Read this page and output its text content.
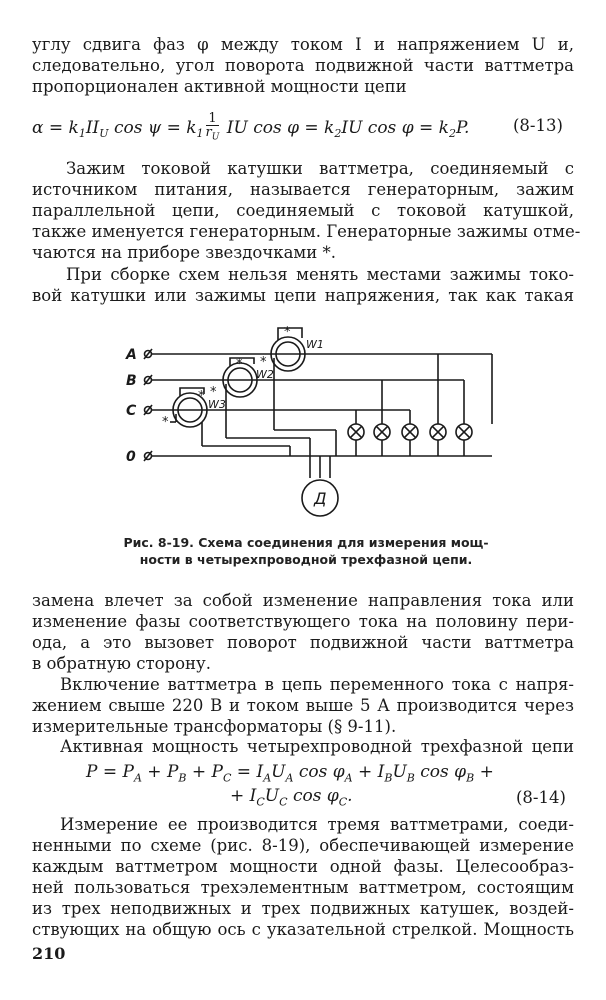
углу сдвига фаз φ между током I и напряжением U и,
следовательно, угол поворота подвижной части ваттметра
пропорционален активной мощности цепи
$\alpha = k_1II_U$ $\cos \psi = k_1 \frac{1}{r_U}$ IU $\cos \varphi = k_2IU$ $\cos \varphi = k_2P$.	(8-13)
Зажим токовой катушки ваттметра, соединяемый с
источником питания, называется генераторным, зажим
параллельной цепи, соединяемый с токовой катушкой,
также именуется генераторным. Генераторные зажимы отме-
чаются на приборе звездочками *.
При сборке схем нельзя менять местами зажимы токо-
вой катушки или зажимы цепи напряжения, так как такая
Д
A
B
C
0
W1
W2
W3
*
*
*
*
*
*
Рис. 8-19. Схема соединения для измерения мощ-
ности в четырехпроводной трехфазной цепи.
замена влечет за собой изменение направления тока или
изменение фазы соответствующего тока на половину пери-
ода, а это вызовет поворот подвижной части ваттметра
в обратную сторону.
Включение ваттметра в цепь переменного тока с напря-
жением свыше 220 В и током выше 5 А производится через
измерительные трансформаторы (§ 9-11).
Активная мощность четырехпроводной трехфазной цепи
$P = P_A + P_B + P_C = I_AU_A$ $\cos \varphi_A + I_BU_B$ $\cos \varphi_B$ +
+ $I_CU_C$ $\cos \varphi_C$.	(8-14)
Измерение ее производится тремя ваттметрами, соеди-
ненными по схеме (рис. 8-19), обеспечивающей измерение
каждым ваттметром мощности одной фазы. Целесообраз-
ней пользоваться трехэлементным ваттметром, состоящим
из трех неподвижных и трех подвижных катушек, воздей-
ствующих на общую ось с указательной стрелкой. Мощность
210
